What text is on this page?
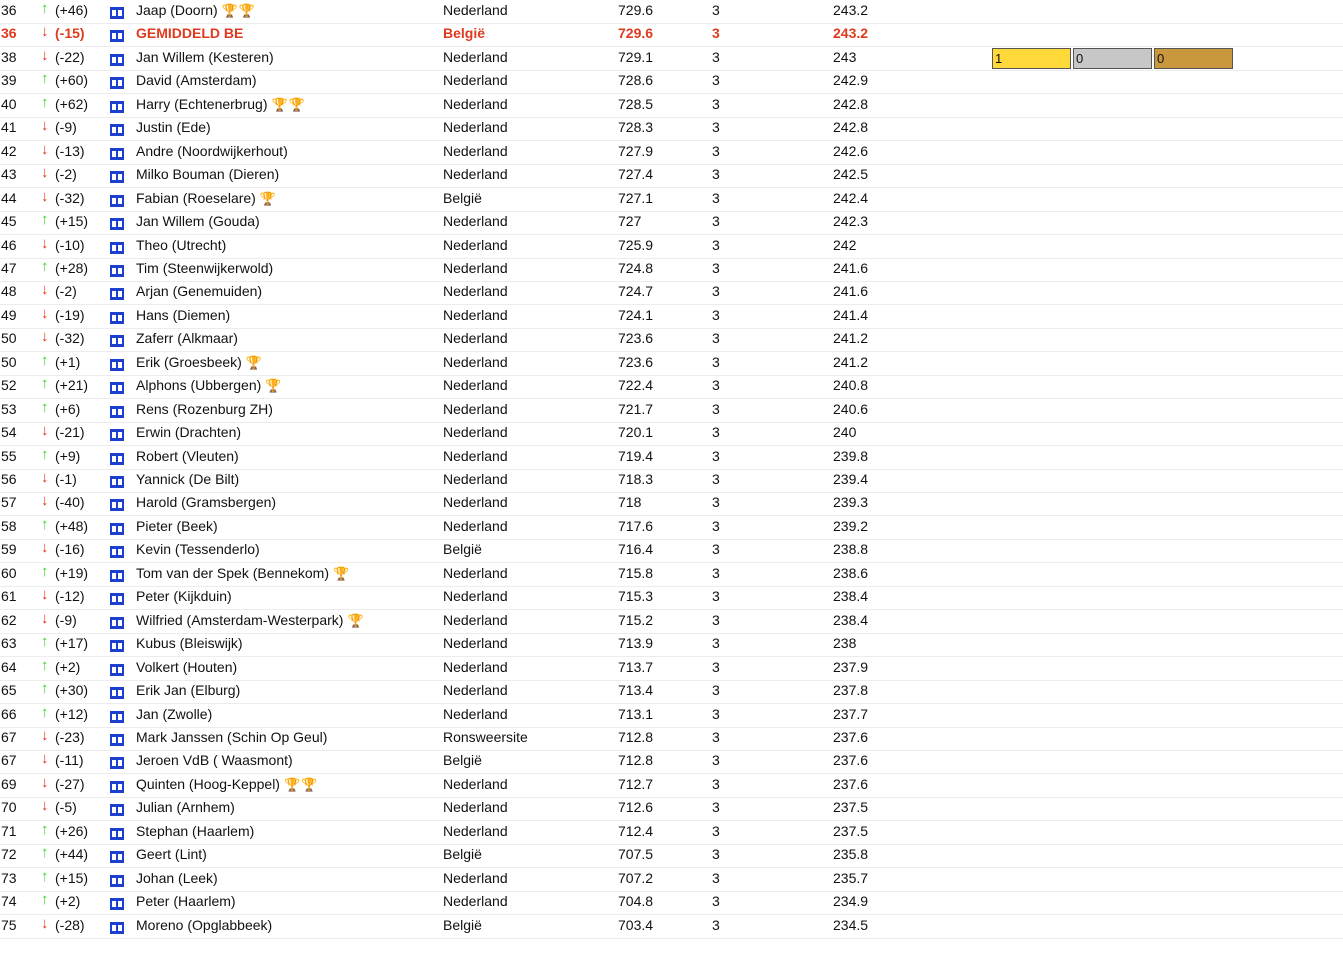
36 ↑ (+46)	Jaap (Doorn) 🏆🏆	Nederland	729.6	3	243.2
36 ↓ (-15)	GEMIDDELD BE	België	729.6	3	243.2
38 ↓ (-22)	Jan Willem (Kesteren)	Nederland	729.1	3	243
39 ↑ (+60)	David (Amsterdam)	Nederland	728.6	3	242.9
40 ↑ (+62)	Harry (Echtenerbrug) 🏆🏆	Nederland	728.5	3	242.8
41 ↓ (-9)	Justin (Ede)	Nederland	728.3	3	242.8
42 ↓ (-13)	Andre (Noordwijkerhout)	Nederland	727.9	3	242.6
43 ↓ (-2)	Milko Bouman (Dieren)	Nederland	727.4	3	242.5
44 ↓ (-32)	Fabian (Roeselare) 🏆	België	727.1	3	242.4
45 ↑ (+15)	Jan Willem (Gouda)	Nederland	727	3	242.3
46 ↓ (-10)	Theo (Utrecht)	Nederland	725.9	3	242
47 ↑ (+28)	Tim (Steenwijkerwold)	Nederland	724.8	3	241.6
48 ↓ (-2)	Arjan (Genemuiden)	Nederland	724.7	3	241.6
49 ↓ (-19)	Hans (Diemen)	Nederland	724.1	3	241.4
50 ↓ (-32)	Zaferr (Alkmaar)	Nederland	723.6	3	241.2
50 ↑ (+1)	Erik (Groesbeek) 🏆	Nederland	723.6	3	241.2
52 ↑ (+21)	Alphons (Ubbergen) 🏆	Nederland	722.4	3	240.8
53 ↑ (+6)	Rens (Rozenburg ZH)	Nederland	721.7	3	240.6
54 ↓ (-21)	Erwin (Drachten)	Nederland	720.1	3	240
55 ↑ (+9)	Robert (Vleuten)	Nederland	719.4	3	239.8
56 ↓ (-1)	Yannick (De Bilt)	Nederland	718.3	3	239.4
57 ↓ (-40)	Harold (Gramsbergen)	Nederland	718	3	239.3
58 ↑ (+48)	Pieter (Beek)	Nederland	717.6	3	239.2
59 ↓ (-16)	Kevin (Tessenderlo)	België	716.4	3	238.8
60 ↑ (+19)	Tom van der Spek (Bennekom) 🏆	Nederland	715.8	3	238.6
61 ↓ (-12)	Peter (Kijkduin)	Nederland	715.3	3	238.4
62 ↓ (-9)	Wilfried (Amsterdam-Westerpark) 🏆	Nederland	715.2	3	238.4
63 ↑ (+17)	Kubus (Bleiswijk)	Nederland	713.9	3	238
64 ↑ (+2)	Volkert (Houten)	Nederland	713.7	3	237.9
65 ↑ (+30)	Erik Jan (Elburg)	Nederland	713.4	3	237.8
66 ↑ (+12)	Jan (Zwolle)	Nederland	713.1	3	237.7
67 ↓ (-23)	Mark Janssen (Schin Op Geul)	Ronsweersite	712.8	3	237.6
67 ↓ (-11)	Jeroen VdB ( Waasmont)	België	712.8	3	237.6
69 ↓ (-27)	Quinten (Hoog-Keppel) 🏆🏆	Nederland	712.7	3	237.6
70 ↓ (-5)	Julian (Arnhem)	Nederland	712.6	3	237.5
71 ↑ (+26)	Stephan (Haarlem)	Nederland	712.4	3	237.5
72 ↑ (+44)	Geert (Lint)	België	707.5	3	235.8
73 ↑ (+15)	Johan (Leek)	Nederland	707.2	3	235.7
74 ↑ (+2)	Peter (Haarlem)	Nederland	704.8	3	234.9
75 ↓ (-28)	Moreno (Opglabbeek)	België	703.4	3	234.5
1	0	0
